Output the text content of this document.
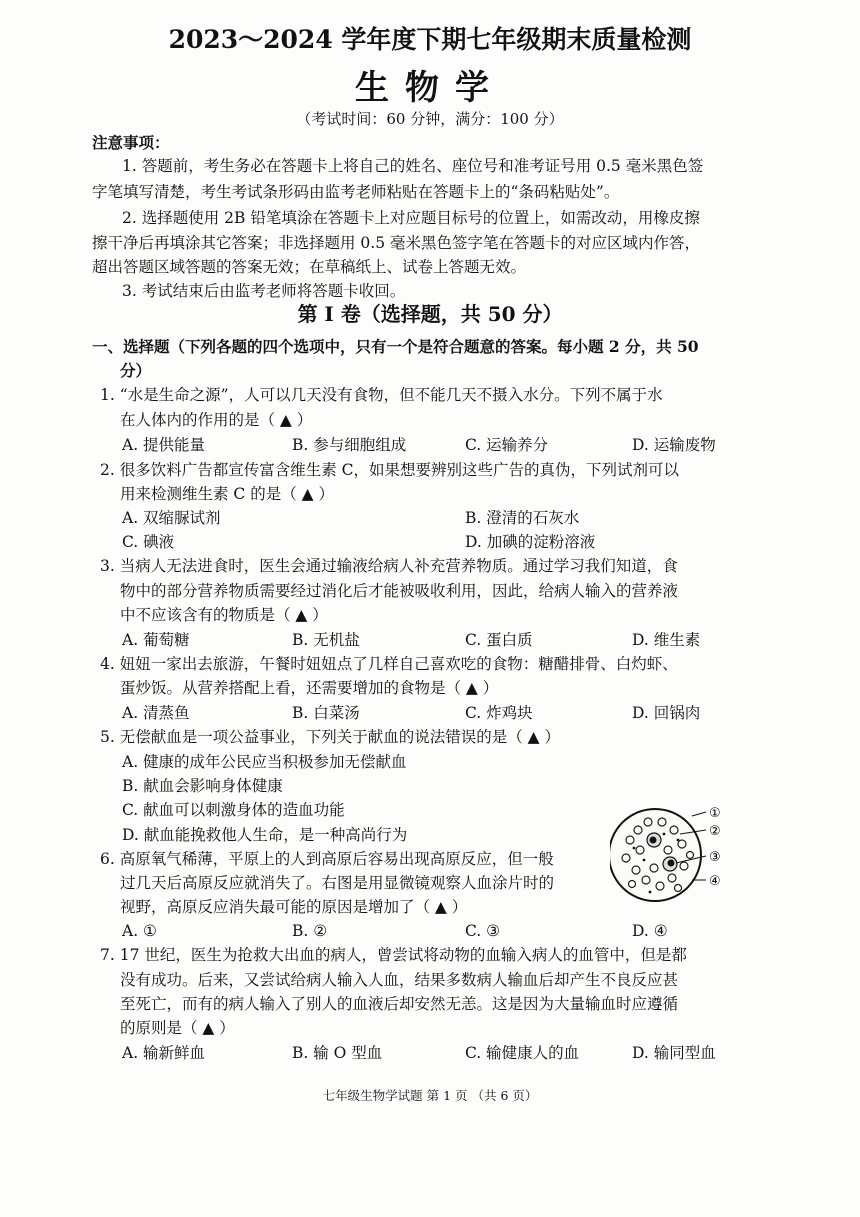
2023～2024 学年度下期七年级期末质量检测
生物学
（考试时间：60 分钟，满分：100 分）
注意事项：
1. 答题前，考生务必在答题卡上将自己的姓名、座位号和准考证号用 0.5 毫米黑色签
字笔填写清楚，考生考试条形码由监考老师粘贴在答题卡上的“条码粘贴处”。
2. 选择题使用 2B 铅笔填涂在答题卡上对应题目标号的位置上，如需改动，用橡皮擦
擦干净后再填涂其它答案；非选择题用 0.5 毫米黑色签字笔在答题卡的对应区域内作答，
超出答题区域答题的答案无效；在草稿纸上、试卷上答题无效。
3. 考试结束后由监考老师将答题卡收回。
第 I 卷（选择题，共 50 分）
一、选择题（下列各题的四个选项中，只有一个是符合题意的答案。每小题 2 分，共 50
分）
1. “水是生命之源”，人可以几天没有食物，但不能几天不摄入水分。下列不属于水
在人体内的作用的是（ ▲ ）
A. 提供能量	B. 参与细胞组成	C. 运输养分	D. 运输废物
2. 很多饮料广告都宣传富含维生素 C，如果想要辨别这些广告的真伪，下列试剂可以
用来检测维生素 C 的是（ ▲ ）
A. 双缩脲试剂	B. 澄清的石灰水
C. 碘液	D. 加碘的淀粉溶液
3. 当病人无法进食时，医生会通过输液给病人补充营养物质。通过学习我们知道，食
物中的部分营养物质需要经过消化后才能被吸收利用，因此，给病人输入的营养液
中不应该含有的物质是（ ▲ ）
A. 葡萄糖	B. 无机盐	C. 蛋白质	D. 维生素
4. 妞妞一家出去旅游，午餐时妞妞点了几样自己喜欢吃的食物：糖醋排骨、白灼虾、
蛋炒饭。从营养搭配上看，还需要增加的食物是（ ▲ ）
A. 清蒸鱼	B. 白菜汤	C. 炸鸡块	D. 回锅肉
5. 无偿献血是一项公益事业，下列关于献血的说法错误的是（ ▲ ）
A. 健康的成年公民应当积极参加无偿献血
B. 献血会影响身体健康
C. 献血可以刺激身体的造血功能
D. 献血能挽救他人生命，是一种高尚行为
6. 高原氧气稀薄，平原上的人到高原后容易出现高原反应，但一般
过几天后高原反应就消失了。右图是用显微镜观察人血涂片时的
视野，高原反应消失最可能的原因是增加了（ ▲ ）
A. ①	B. ②	C. ③	D. ④
①
②
③
④
7. 17 世纪，医生为抢救大出血的病人，曾尝试将动物的血输入病人的血管中，但是都
没有成功。后来，又尝试给病人输入人血，结果多数病人输血后却产生不良反应甚
至死亡，而有的病人输入了别人的血液后却安然无恙。这是因为大量输血时应遵循
的原则是（ ▲ ）
A. 输新鲜血	B. 输 O 型血	C. 输健康人的血	D. 输同型血
七年级生物学试题 第 1 页 （共 6 页）
